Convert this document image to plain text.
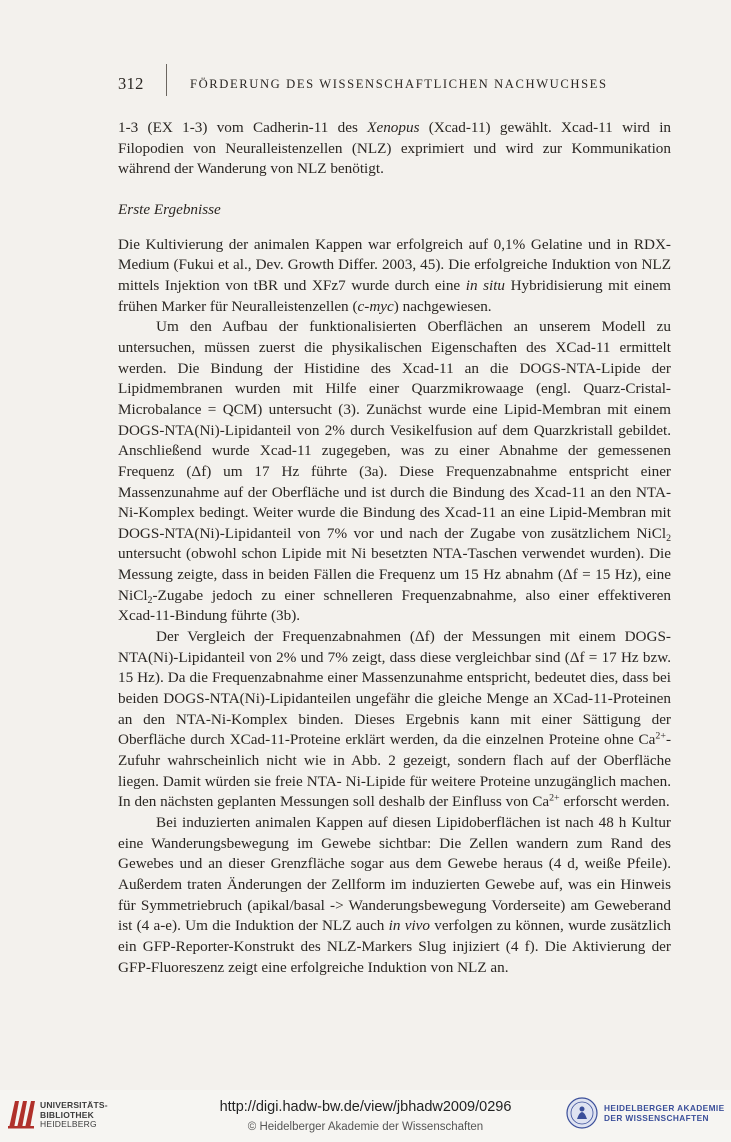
312	FÖRDERUNG DES WISSENSCHAFTLICHEN NACHWUCHSES

1-3 (EX 1-3) vom Cadherin-11 des Xenopus (Xcad-11) gewählt. Xcad-11 wird in Filopodien von Neuralleistenzellen (NLZ) exprimiert und wird zur Kommunikation während der Wanderung von NLZ benötigt.

Erste Ergebnisse

Die Kultivierung der animalen Kappen war erfolgreich auf 0,1% Gelatine und in RDX- Medium (Fukui et al., Dev. Growth Differ. 2003, 45). Die erfolgreiche Induktion von NLZ mittels Injektion von tBR und XFz7 wurde durch eine in situ Hybridisierung mit einem frühen Marker für Neuralleistenzellen (c-myc) nachgewiesen.

Um den Aufbau der funktionalisierten Oberflächen an unserem Modell zu untersuchen, müssen zuerst die physikalischen Eigenschaften des XCad-11 ermittelt werden. Die Bindung der Histidine des Xcad-11 an die DOGS-NTA-Lipide der Lipidmembranen wurden mit Hilfe einer Quarzmikrowaage (engl. Quarz-Cristal-Microbalance = QCM) untersucht (3). Zunächst wurde eine Lipid-Membran mit einem DOGS-NTA(Ni)-Lipidanteil von 2% durch Vesikelfusion auf dem Quarzkristall gebildet. Anschließend wurde Xcad-11 zugegeben, was zu einer Abnahme der gemessenen Frequenz (Δf) um 17 Hz führte (3a). Diese Frequenzabnahme entspricht einer Massenzunahme auf der Oberfläche und ist durch die Bindung des Xcad-11 an den NTA-Ni-Komplex bedingt. Weiter wurde die Bindung des Xcad-11 an eine Lipid-Membran mit DOGS-NTA(Ni)-Lipidanteil von 7% vor und nach der Zugabe von zusätzlichem NiCl$_2$ untersucht (obwohl schon Lipide mit Ni besetzten NTA-Taschen verwendet wurden). Die Messung zeigte, dass in beiden Fällen die Frequenz um 15 Hz abnahm (Δf = 15 Hz), eine NiCl$_2$-Zugabe jedoch zu einer schnelleren Frequenzabnahme, also einer effektiveren Xcad-11-Bindung führte (3b).

Der Vergleich der Frequenzabnahmen (Δf) der Messungen mit einem DOGS-NTA(Ni)-Lipidanteil von 2% und 7% zeigt, dass diese vergleichbar sind (Δf = 17 Hz bzw. 15 Hz). Da die Frequenzabnahme einer Massenzunahme entspricht, bedeutet dies, dass bei beiden DOGS-NTA(Ni)-Lipidanteilen ungefähr die gleiche Menge an XCad-11-Proteinen an den NTA-Ni-Komplex binden. Dieses Ergebnis kann mit einer Sättigung der Oberfläche durch XCad-11-Proteine erklärt werden, da die einzelnen Proteine ohne $Ca^{2+}$-Zufuhr wahrscheinlich nicht wie in Abb. 2 gezeigt, sondern flach auf der Oberfläche liegen. Damit würden sie freie NTA- Ni-Lipide für weitere Proteine unzugänglich machen. In den nächsten geplanten Messungen soll deshalb der Einfluss von $Ca^{2+}$ erforscht werden.

Bei induzierten animalen Kappen auf diesen Lipidoberflächen ist nach 48 h Kultur eine Wanderungsbewegung im Gewebe sichtbar: Die Zellen wandern zum Rand des Gewebes und an dieser Grenzfläche sogar aus dem Gewebe heraus (4 d, weiße Pfeile). Außerdem traten Änderungen der Zellform im induzierten Gewebe auf, was ein Hinweis für Symmetriebruch (apikal/basal -> Wanderungsbewegung Vorderseite) am Geweberand ist (4 a-e). Um die Induktion der NLZ auch in vivo verfolgen zu können, wurde zusätzlich ein GFP-Reporter-Konstrukt des NLZ-Markers Slug injiziert (4 f). Die Aktivierung der GFP-Fluoreszenz zeigt eine erfolgreiche Induktion von NLZ an.

UNIVERSITÄTS-
BIBLIOTHEK
HEIDELBERG
http://digi.hadw-bw.de/view/jbhadw2009/0296
© Heidelberger Akademie der Wissenschaften
HEIDELBERGER AKADEMIE
DER WISSENSCHAFTEN
